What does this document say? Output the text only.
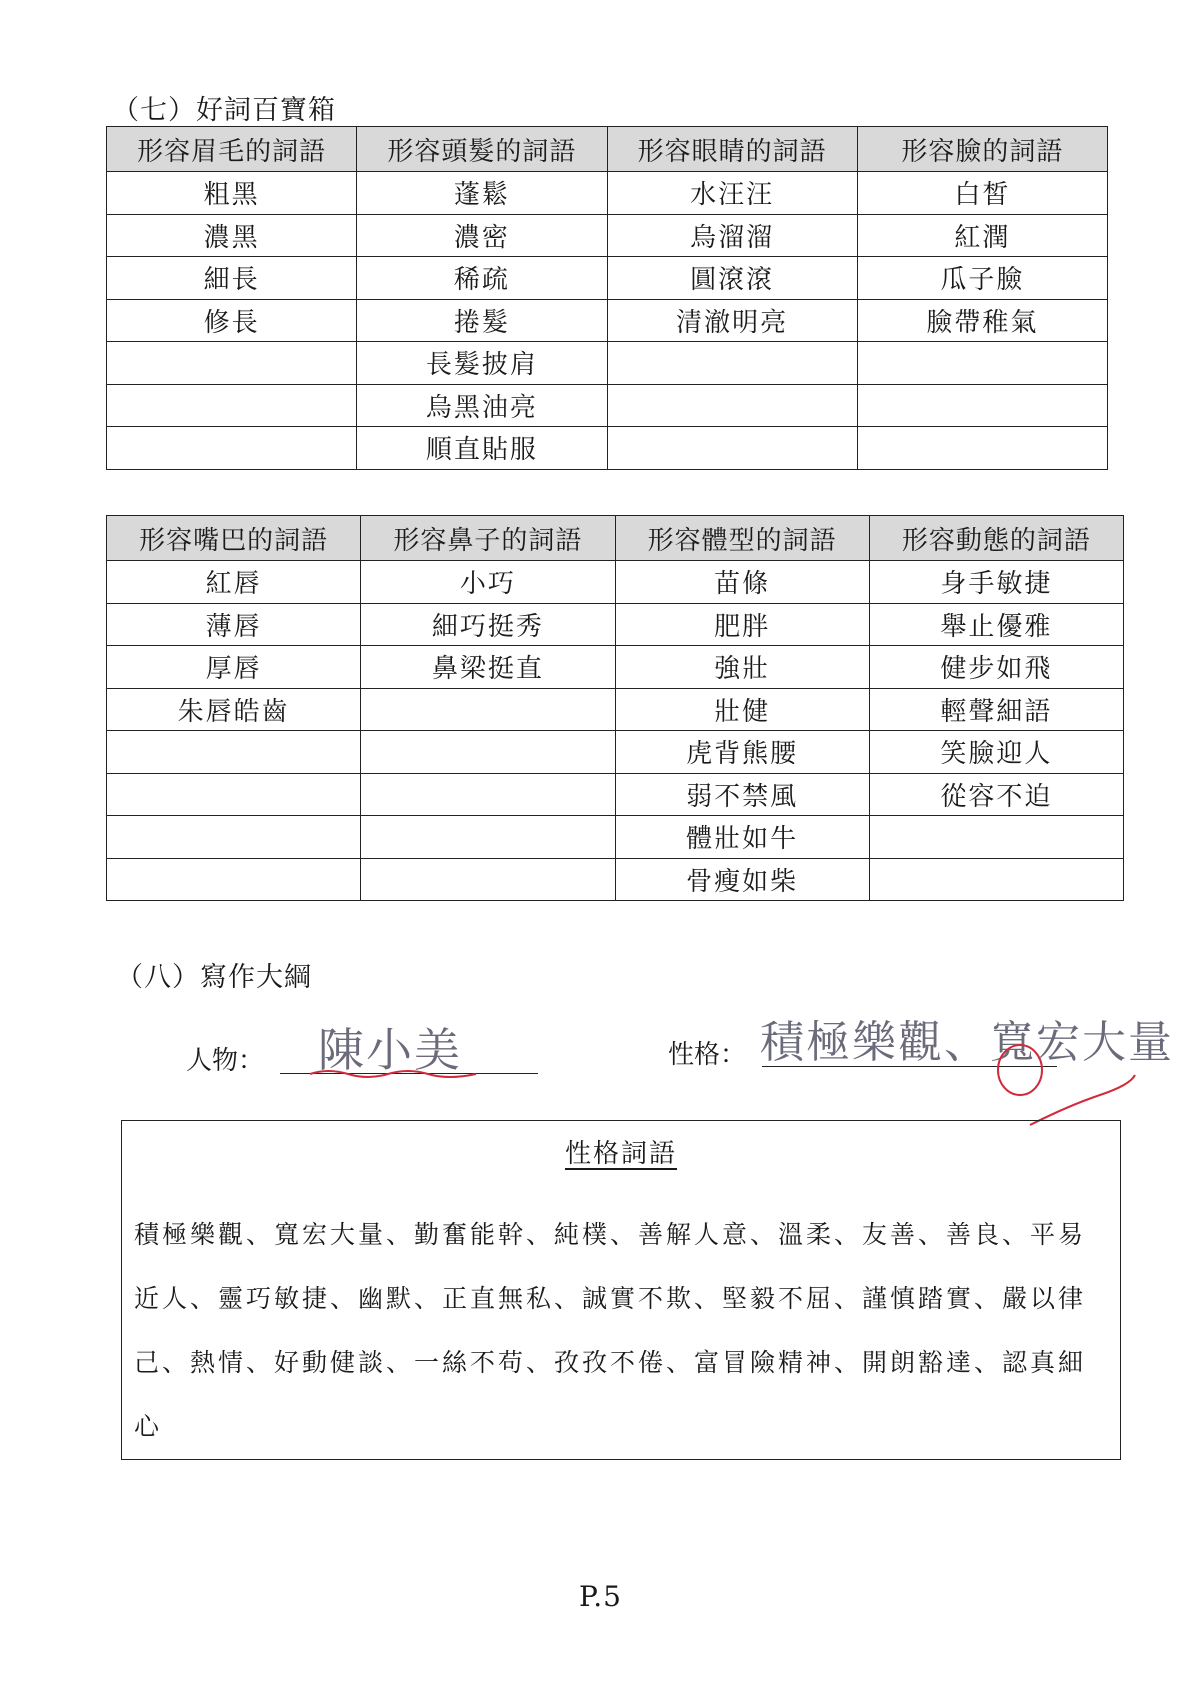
（七）好詞百寶箱
形容眉毛的詞語	形容頭髮的詞語	形容眼睛的詞語	形容臉的詞語
粗黑	蓬鬆	水汪汪	白皙
濃黑	濃密	烏溜溜	紅潤
細長	稀疏	圓滾滾	瓜子臉
修長	捲髮	清澈明亮	臉帶稚氣
	長髮披肩		
	烏黑油亮		
	順直貼服		
形容嘴巴的詞語	形容鼻子的詞語	形容體型的詞語	形容動態的詞語
紅唇	小巧	苗條	身手敏捷
薄唇	細巧挺秀	肥胖	舉止優雅
厚唇	鼻梁挺直	強壯	健步如飛
朱唇皓齒		壯健	輕聲細語
		虎背熊腰	笑臉迎人
		弱不禁風	從容不迫
		體壯如牛	
		骨瘦如柴	
（八）寫作大綱
人物： 陳小美	性格： 積極樂觀、寬宏大量
性格詞語
積極樂觀、寬宏大量、勤奮能幹、純樸、善解人意、溫柔、友善、善良、平易近人、靈巧敏捷、幽默、正直無私、誠實不欺、堅毅不屈、謹慎踏實、嚴以律己、熱情、好動健談、一絲不苟、孜孜不倦、富冒險精神、開朗豁達、認真細心
P.5
